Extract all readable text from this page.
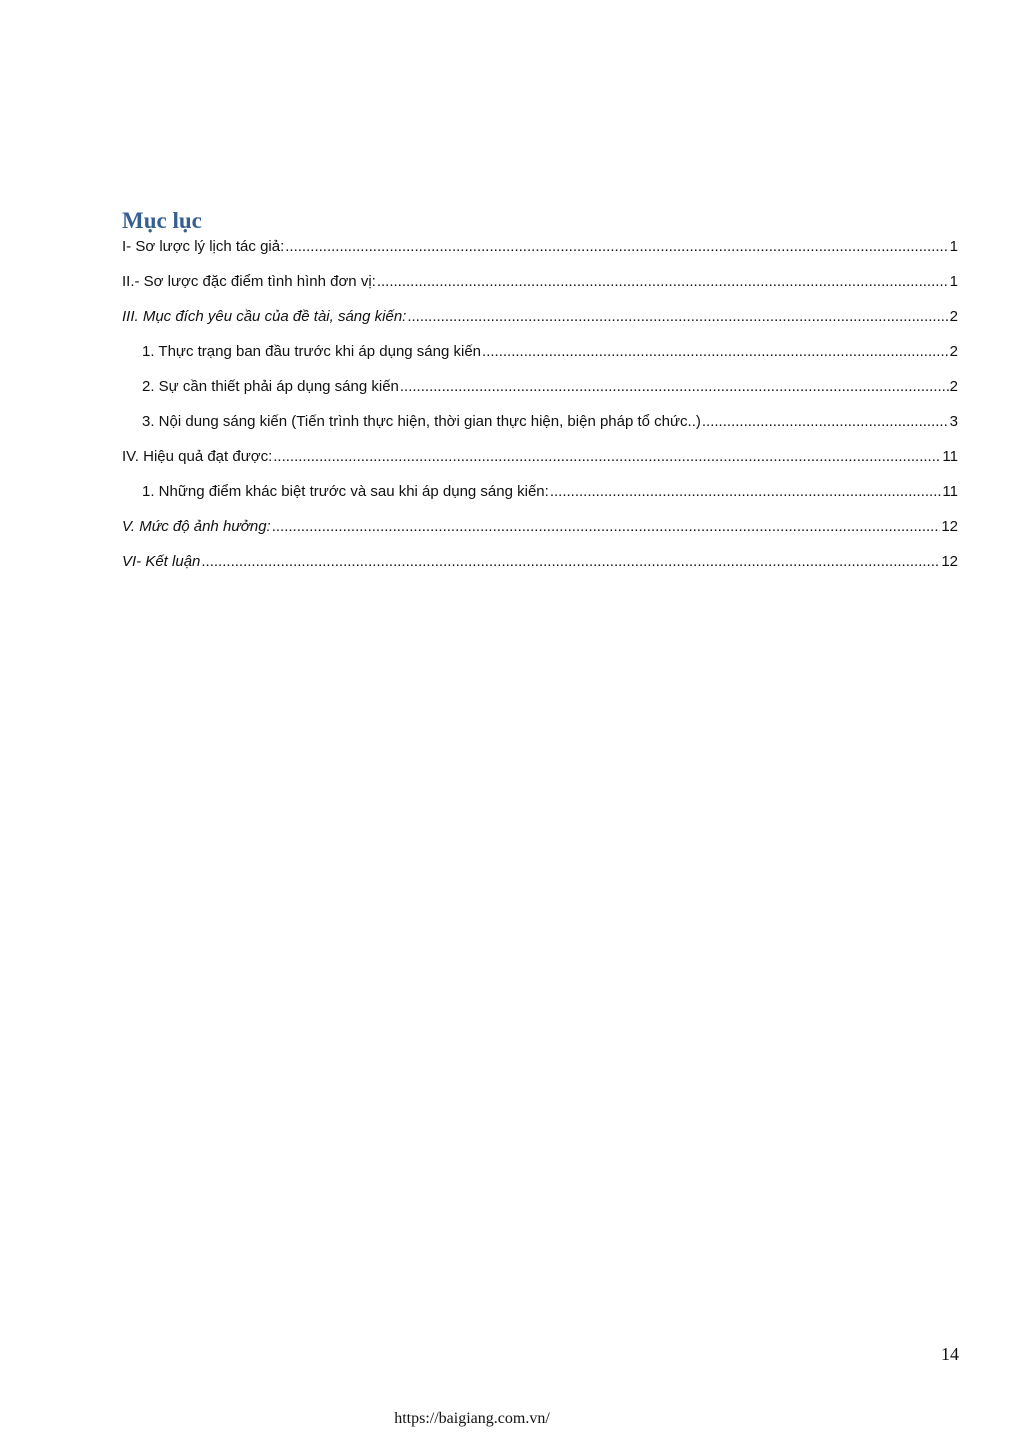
Mục lục
I- Sơ lược lý lịch tác giả: .....	1
II.- Sơ lược đặc điểm tình hình đơn vị: .....	1
III. Mục đích yêu cầu của đề tài, sáng kiến: .....	2
1. Thực trạng ban đầu trước khi áp dụng sáng kiến .....	2
2. Sự cần thiết phải áp dụng sáng kiến .....	2
3. Nội dung sáng kiến (Tiến trình thực hiện, thời gian thực hiện, biện pháp tổ chức..) .....	3
IV. Hiệu quả đạt được: .....	11
1. Những điểm khác biệt trước và sau khi áp dụng sáng kiến: .....	11
V. Mức độ ảnh hưởng: .....	12
VI- Kết luận .....	12
14
https://baigiang.com.vn/
